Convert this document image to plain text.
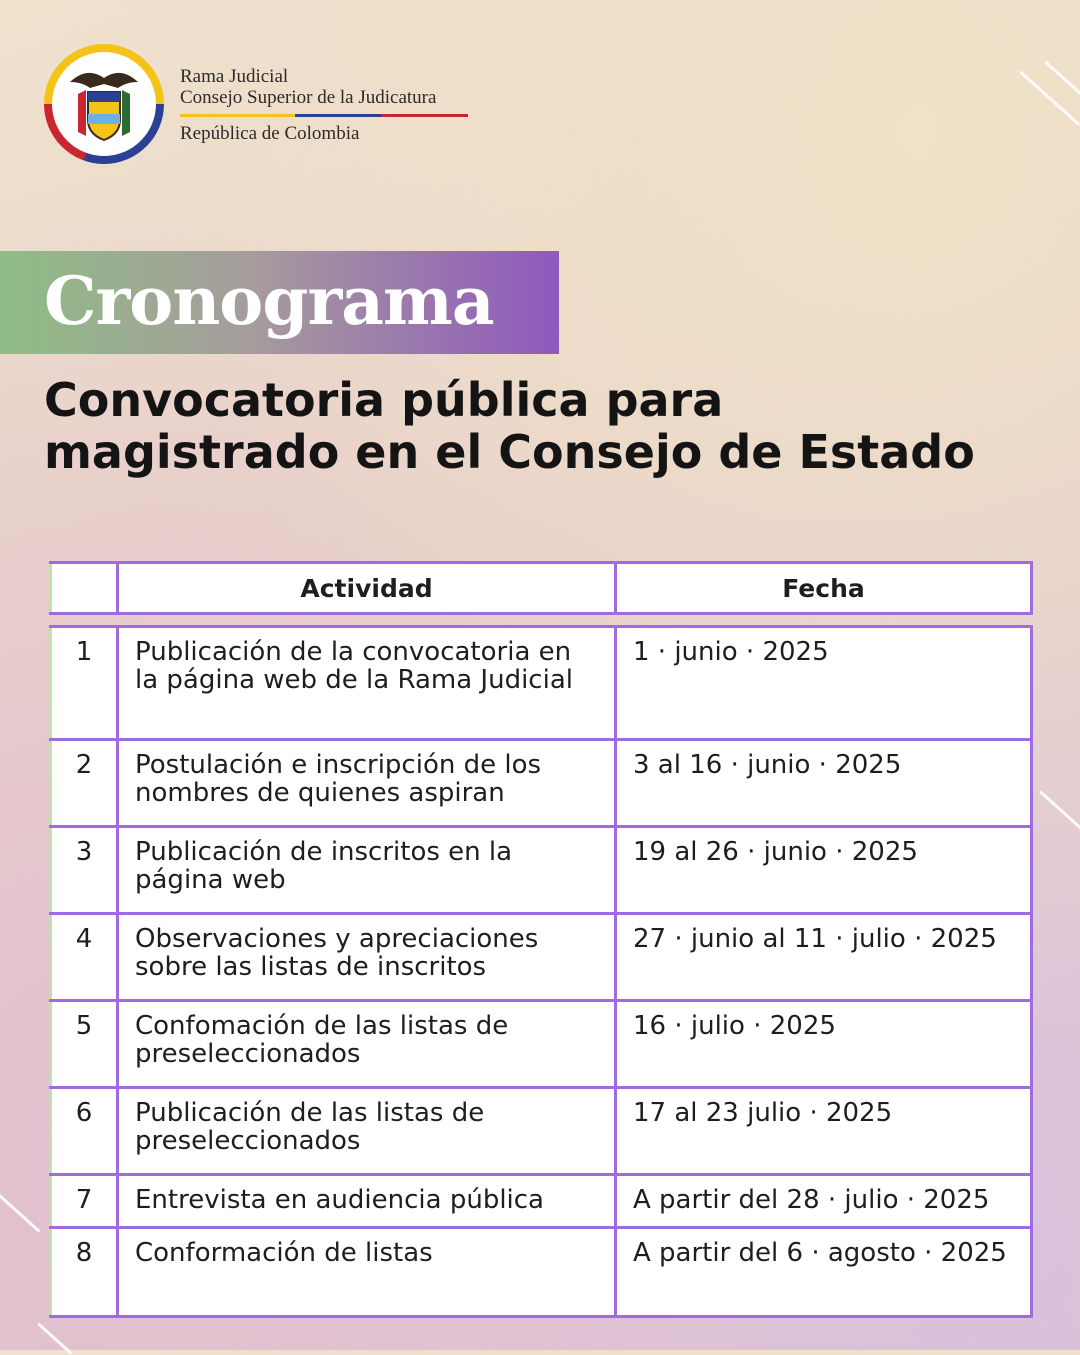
Rama Judicial
Consejo Superior de la Judicatura
República de Colombia
Cronograma
Convocatoria pública para
magistrado en el Consejo de Estado
	Actividad	Fecha

1	Publicación de la convocatoria en la página web de la Rama Judicial	1 · junio · 2025
2	Postulación e inscripción de los nombres de quienes aspiran	3 al 16 · junio · 2025
3	Publicación de inscritos en la página web	19 al 26 · junio · 2025
4	Observaciones y apreciaciones sobre las listas de inscritos	27 · junio al 11 · julio · 2025
5	Confomación de las listas de preseleccionados	16 · julio · 2025
6	Publicación de las listas de preseleccionados	17 al 23 julio · 2025
7	Entrevista en audiencia pública	A partir del 28 · julio · 2025
8	Conformación de listas	A partir del 6 · agosto · 2025
